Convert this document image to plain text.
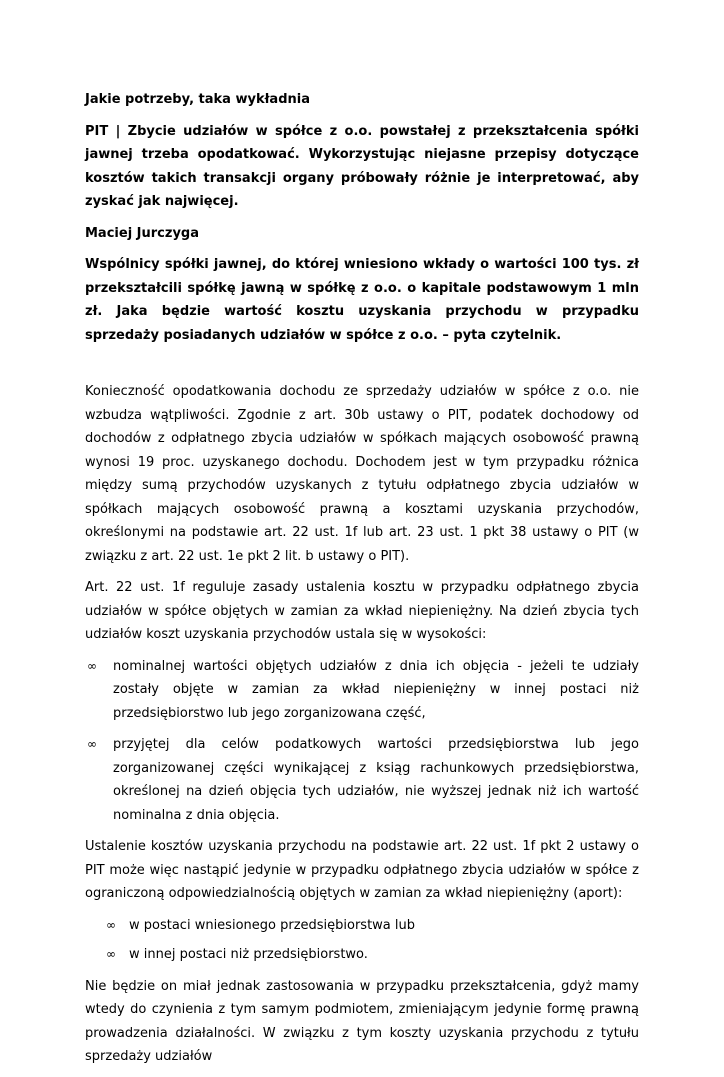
Jakie potrzeby, taka wykładnia

PIT | Zbycie udziałów w spółce z o.o. powstałej z przekształcenia spółki jawnej trzeba opodatkować. Wykorzystując niejasne przepisy dotyczące kosztów takich transakcji organy próbowały różnie je interpretować, aby zyskać jak najwięcej.

Maciej Jurczyga

Wspólnicy spółki jawnej, do której wniesiono wkłady o wartości 100 tys. zł przekształcili spółkę jawną w spółkę z o.o. o kapitale podstawowym 1 mln zł. Jaka będzie wartość kosztu uzyskania przychodu w przypadku sprzedaży posiadanych udziałów w spółce z o.o. – pyta czytelnik.

Konieczność opodatkowania dochodu ze sprzedaży udziałów w spółce z o.o. nie wzbudza wątpliwości. Zgodnie z art. 30b ustawy o PIT, podatek dochodowy od dochodów z odpłatnego zbycia udziałów w spółkach mających osobowość prawną wynosi 19 proc. uzyskanego dochodu. Dochodem jest w tym przypadku różnica między sumą przychodów uzyskanych z tytułu odpłatnego zbycia udziałów w spółkach mających osobowość prawną a kosztami uzyskania przychodów, określonymi na podstawie art. 22 ust. 1f lub art. 23 ust. 1 pkt 38 ustawy o PIT (w związku z art. 22 ust. 1e pkt 2 lit. b ustawy o PIT).

Art. 22 ust. 1f reguluje zasady ustalenia kosztu w przypadku odpłatnego zbycia udziałów w spółce objętych w zamian za wkład niepieniężny. Na dzień zbycia tych udziałów koszt uzyskania przychodów ustala się w wysokości:

∞ nominalnej wartości objętych udziałów z dnia ich objęcia - jeżeli te udziały zostały objęte w zamian za wkład niepieniężny w innej postaci niż przedsiębiorstwo lub jego zorganizowana część,
∞ przyjętej dla celów podatkowych wartości przedsiębiorstwa lub jego zorganizowanej części wynikającej z ksiąg rachunkowych przedsiębiorstwa, określonej na dzień objęcia tych udziałów, nie wyższej jednak niż ich wartość nominalna z dnia objęcia.

Ustalenie kosztów uzyskania przychodu na podstawie art. 22 ust. 1f pkt 2 ustawy o PIT może więc nastąpić jedynie w przypadku odpłatnego zbycia udziałów w spółce z ograniczoną odpowiedzialnością objętych w zamian za wkład niepieniężny (aport):

∞ w postaci wniesionego przedsiębiorstwa lub
∞ w innej postaci niż przedsiębiorstwo.

Nie będzie on miał jednak zastosowania w przypadku przekształcenia, gdyż mamy wtedy do czynienia z tym samym podmiotem, zmieniającym jedynie formę prawną prowadzenia działalności. W związku z tym koszty uzyskania przychodu z tytułu sprzedaży udziałów
